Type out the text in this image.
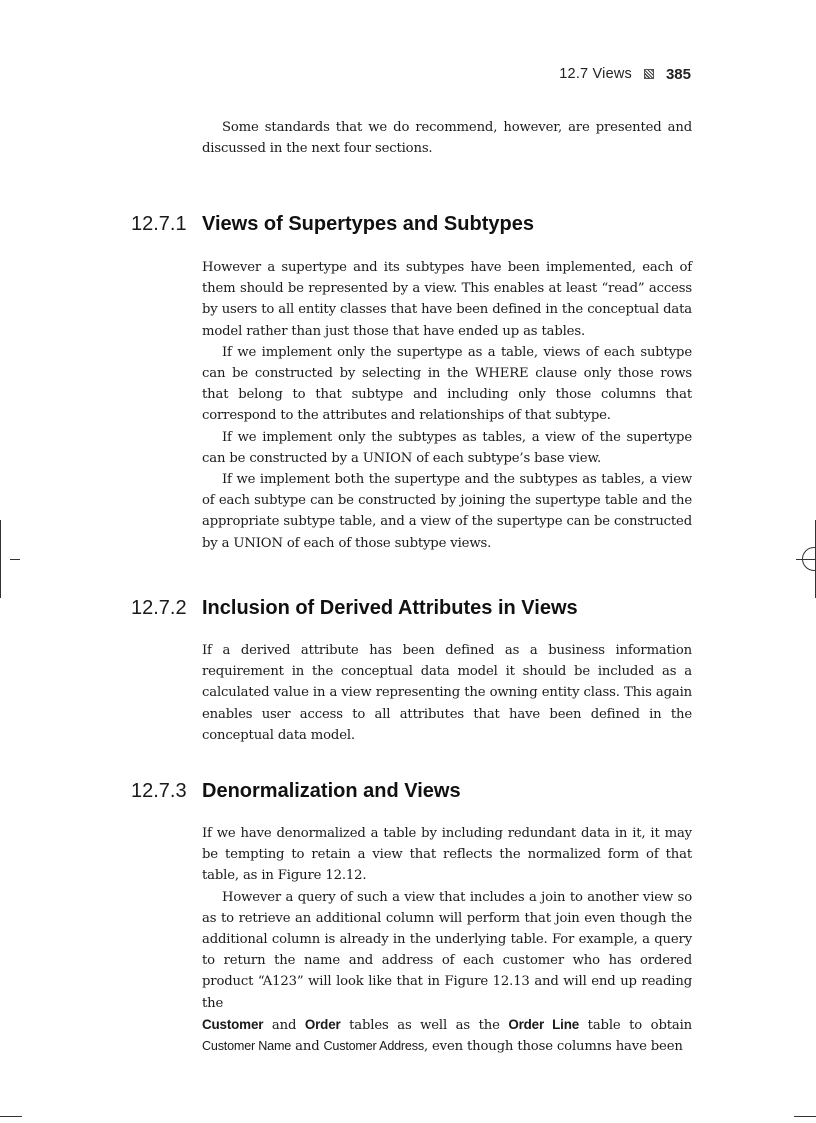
12.7 Views 385

Some standards that we do recommend, however, are presented and discussed in the next four sections.

12.7.1 Views of Supertypes and Subtypes

However a supertype and its subtypes have been implemented, each of them should be represented by a view. This enables at least “read” access by users to all entity classes that have been defined in the conceptual data model rather than just those that have ended up as tables.

If we implement only the supertype as a table, views of each subtype can be constructed by selecting in the WHERE clause only those rows that belong to that subtype and including only those columns that correspond to the attributes and relationships of that subtype.

If we implement only the subtypes as tables, a view of the supertype can be constructed by a UNION of each subtype’s base view.

If we implement both the supertype and the subtypes as tables, a view of each subtype can be constructed by joining the supertype table and the appropriate subtype table, and a view of the supertype can be constructed by a UNION of each of those subtype views.

12.7.2 Inclusion of Derived Attributes in Views

If a derived attribute has been defined as a business information requirement in the conceptual data model it should be included as a calculated value in a view representing the owning entity class. This again enables user access to all attributes that have been defined in the conceptual data model.

12.7.3 Denormalization and Views

If we have denormalized a table by including redundant data in it, it may be tempting to retain a view that reflects the normalized form of that table, as in Figure 12.12.

However a query of such a view that includes a join to another view so as to retrieve an additional column will perform that join even though the additional column is already in the underlying table. For example, a query to return the name and address of each customer who has ordered product “A123” will look like that in Figure 12.13 and will end up reading the

Customer and Order tables as well as the Order Line table to obtain Customer Name and Customer Address, even though those columns have been
